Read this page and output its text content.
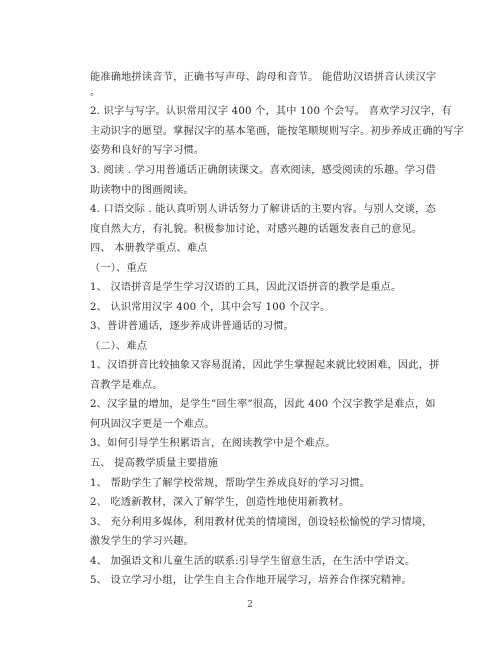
能准确地拼读音节，正确书写声母、韵母和音节。 能借助汉语拼音认读汉字
。
2. 识字与写字。认识常用汉字 400 个，其中 100 个会写。 喜欢学习汉字，有
主动识字的愿望。掌握汉字的基本笔画，能按笔顺规则写字。初步养成正确的写字
姿势和良好的写字习惯。
3. 阅读 . 学习用普通话正确朗读课文。喜欢阅读，感受阅读的乐趣。学习借
助读物中的图画阅读。
4. 口语交际 . 能认真听别人讲话努力了解讲话的主要内容。与别人交谈，态
度自然大方，有礼貌。积极参加讨论，对感兴趣的话题发表自己的意见。
四、 本册教学重点、难点
（一）、重点
1、 汉语拼音是学生学习汉语的工具，因此汉语拼音的教学是重点。
2、 认识常用汉字 400 个，其中会写 100 个汉字。
3、普讲普通话，逐步养成讲普通话的习惯。
（二）、难点
1、汉语拼音比较抽象又容易混淆，因此学生掌握起来就比较困难，因此，拼
音教学是难点。
2、汉字量的增加，是学生”回生率”很高，因此 400 个汉字教学是难点，如
何巩固汉字更是一个难点。
3、如何引导学生积累语言，在阅读教学中是个难点。
五、 提高教学质量主要措施
1、 帮助学生了解学校常规，帮助学生养成良好的学习习惯。
2、 吃透新教材，深入了解学生，创造性地使用新教材。
3、 充分利用多媒体，利用教材优美的情境图，创设轻松愉悦的学习情境，
激发学生的学习兴趣。
4、 加强语文和儿童生活的联系:引导学生留意生活，在生活中学语文。
5、 设立学习小组，让学生自主合作地开展学习，培养合作探究精神。
2
